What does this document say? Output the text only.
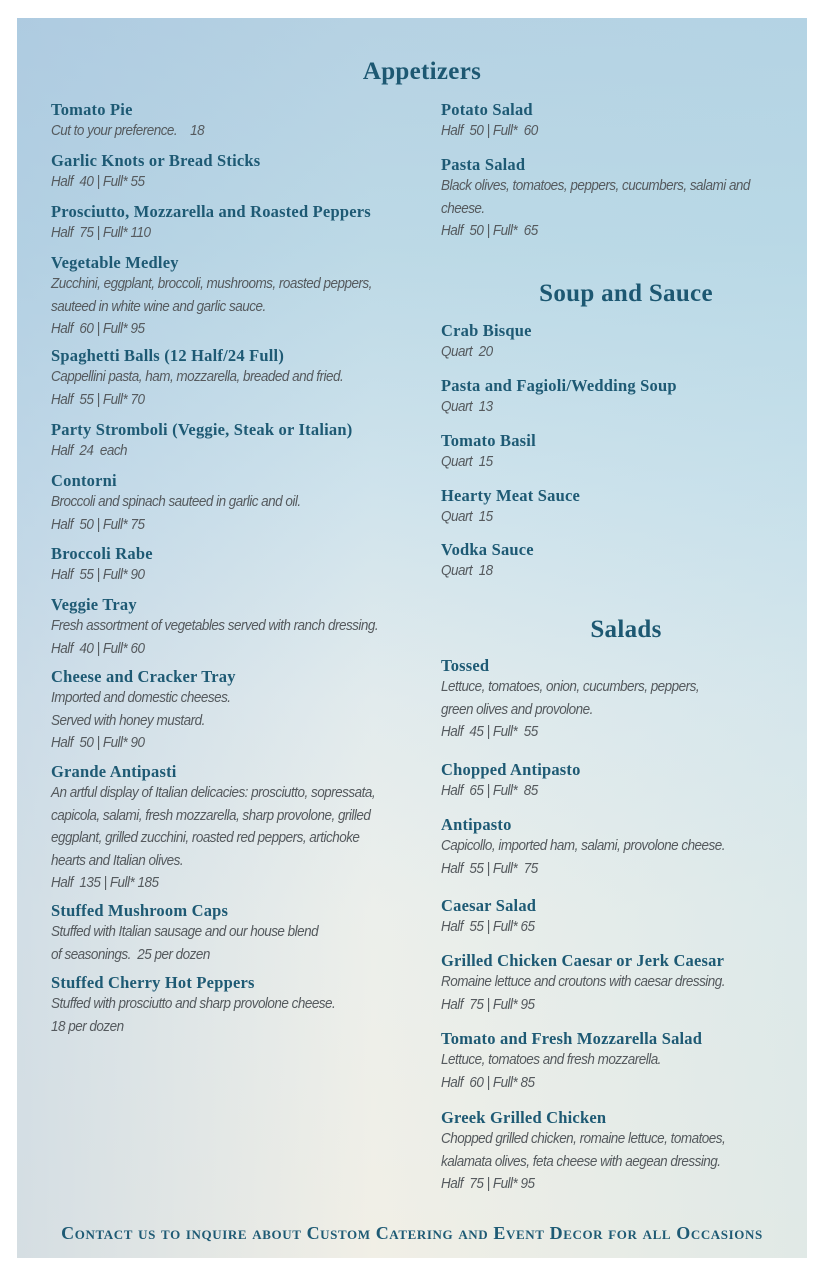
Appetizers
Tomato Pie
Cut to your preference.    18
Garlic Knots or Bread Sticks
Half  40 | Full* 55
Prosciutto, Mozzarella and Roasted Peppers
Half  75 | Full* 110
Vegetable Medley
Zucchini, eggplant, broccoli, mushrooms, roasted peppers,
sauteed in white wine and garlic sauce.
Half  60 | Full* 95
Spaghetti Balls (12 Half/24 Full)
Cappellini pasta, ham, mozzarella, breaded and fried.
Half  55 | Full* 70
Party Stromboli (Veggie, Steak or Italian)
Half  24  each
Contorni
Broccoli and spinach sauteed in garlic and oil.
Half  50 | Full* 75
Broccoli Rabe
Half  55 | Full* 90
Veggie Tray
Fresh assortment of vegetables served with ranch dressing.
Half  40 | Full* 60
Cheese and Cracker Tray
Imported and domestic cheeses.
Served with honey mustard.
Half  50 | Full* 90
Grande Antipasti
An artful display of Italian delicacies: prosciutto, sopressata,
capicola, salami, fresh mozzarella, sharp provolone, grilled
eggplant, grilled zucchini, roasted red peppers, artichoke
hearts and Italian olives.
Half  135 | Full* 185
Stuffed Mushroom Caps
Stuffed with Italian sausage and our house blend
of seasonings.  25 per dozen
Stuffed Cherry Hot Peppers
Stuffed with prosciutto and sharp provolone cheese.
18 per dozen
Potato Salad
Half  50 | Full*  60
Pasta Salad
Black olives, tomatoes, peppers, cucumbers, salami and
cheese.
Half  50 | Full*  65
Soup and Sauce
Crab Bisque
Quart  20
Pasta and Fagioli/Wedding Soup
Quart  13
Tomato Basil
Quart  15
Hearty Meat Sauce
Quart  15
Vodka Sauce
Quart  18
Salads
Tossed
Lettuce, tomatoes, onion, cucumbers, peppers,
green olives and provolone.
Half  45 | Full*  55
Chopped Antipasto
Half  65 | Full*  85
Antipasto
Capicollo, imported ham, salami, provolone cheese.
Half  55 | Full*  75
Caesar Salad
Half  55 | Full* 65
Grilled Chicken Caesar or Jerk Caesar
Romaine lettuce and croutons with caesar dressing.
Half  75 | Full* 95
Tomato and Fresh Mozzarella Salad
Lettuce, tomatoes and fresh mozzarella.
Half  60 | Full* 85
Greek Grilled Chicken
Chopped grilled chicken, romaine lettuce, tomatoes,
kalamata olives, feta cheese with aegean dressing.
Half  75 | Full* 95
Contact us to inquire about Custom Catering and Event Decor for all Occasions
